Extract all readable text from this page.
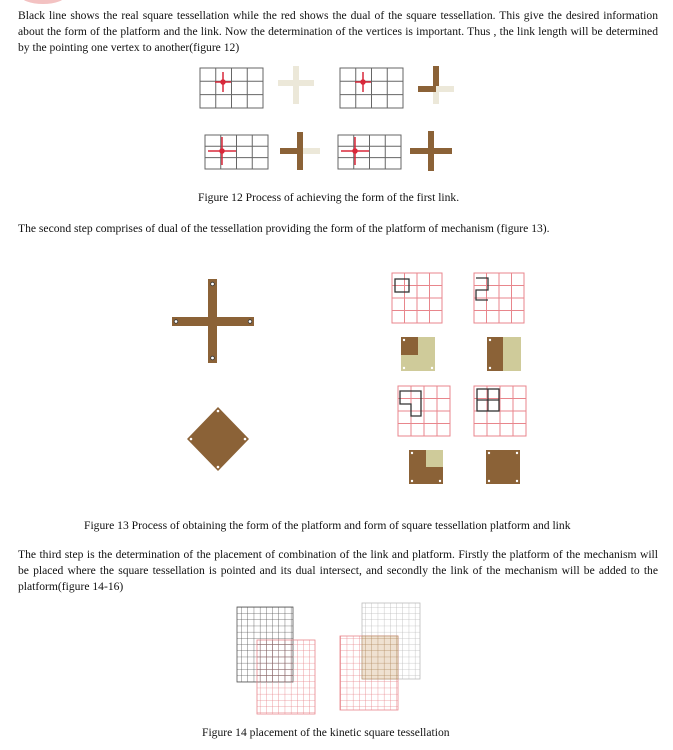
Black line shows the real square tessellation while the red shows the dual of the square tessellation. This give the desired information about the form of the platform and the link. Now the determination of the vertices is important. Thus , the link length will be determined by the pointing one vertex to another(figure 12)

Figure 12 Process of achieving the form of the first link.

The second step comprises of dual of the tessellation providing the form of the platform of mechanism (figure 13).

Figure 13 Process of obtaining the form of the platform and form of square tessellation platform and link

The third step is the determination of the placement of combination of the link and platform. Firstly the platform of the mechanism will be placed where the square tessellation is pointed and its dual intersect, and secondly the link of the mechanism will be added to the platform(figure 14-16)

Figure 14 placement of the kinetic square tessellation
